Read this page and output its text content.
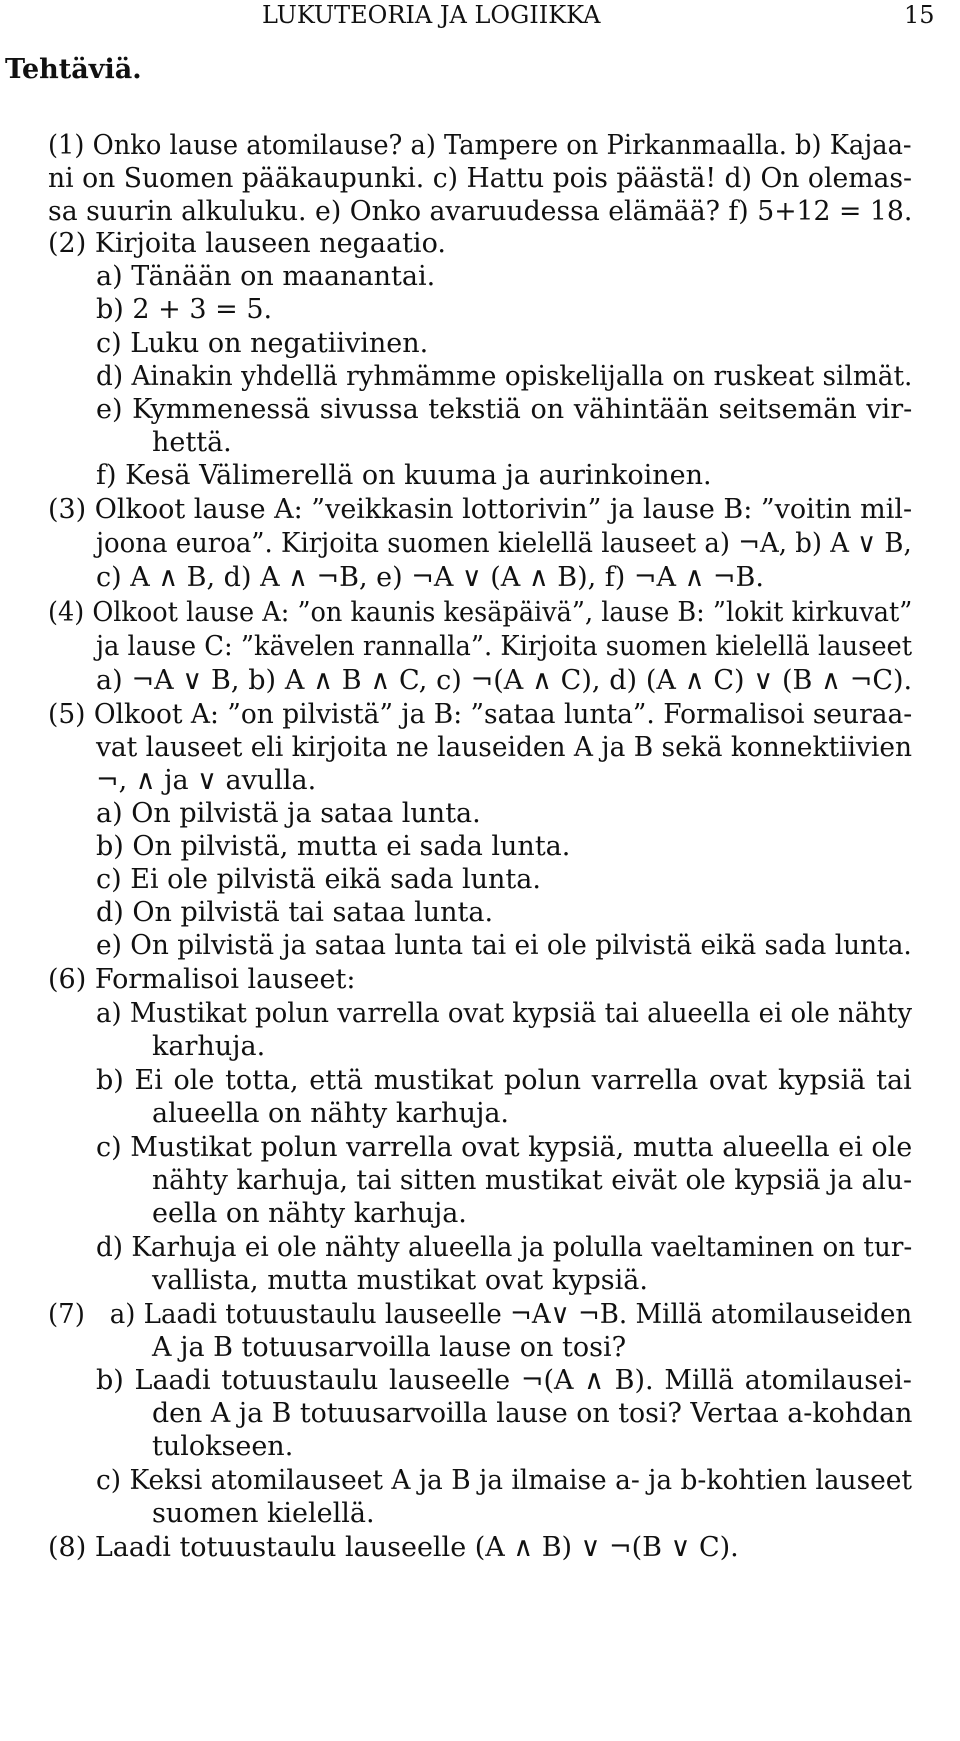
LUKUTEORIA JA LOGIIKKA	15
Tehtäviä.
(1) Onko lause atomilause? a) Tampere on Pirkanmaalla. b) Kajaa-
ni on Suomen pääkaupunki. c) Hattu pois päästä! d) On olemas-
sa suurin alkuluku. e) Onko avaruudessa elämää? f) 5+12 = 18.
(2) Kirjoita lauseen negaatio.
a) Tänään on maanantai.
b) 2 + 3 = 5.
c) Luku on negatiivinen.
d) Ainakin yhdellä ryhmämme opiskelijalla on ruskeat silmät.
e) Kymmenessä sivussa tekstiä on vähintään seitsemän vir-
hettä.
f) Kesä Välimerellä on kuuma ja aurinkoinen.
(3) Olkoot lause A: ”veikkasin lottorivin” ja lause B: ”voitin mil-
joona euroa”. Kirjoita suomen kielellä lauseet a) ¬A, b) A ∨ B,
c) A ∧ B, d) A ∧ ¬B, e) ¬A ∨ (A ∧ B), f) ¬A ∧ ¬B.
(4) Olkoot lause A: ”on kaunis kesäpäivä”, lause B: ”lokit kirkuvat”
ja lause C: ”kävelen rannalla”. Kirjoita suomen kielellä lauseet
a) ¬A ∨ B, b) A ∧ B ∧ C, c) ¬(A ∧ C), d) (A ∧ C) ∨ (B ∧ ¬C).
(5) Olkoot A: ”on pilvistä” ja B: ”sataa lunta”. Formalisoi seuraa-
vat lauseet eli kirjoita ne lauseiden A ja B sekä konnektiivien
¬, ∧ ja ∨ avulla.
a) On pilvistä ja sataa lunta.
b) On pilvistä, mutta ei sada lunta.
c) Ei ole pilvistä eikä sada lunta.
d) On pilvistä tai sataa lunta.
e) On pilvistä ja sataa lunta tai ei ole pilvistä eikä sada lunta.
(6) Formalisoi lauseet:
a) Mustikat polun varrella ovat kypsiä tai alueella ei ole nähty
karhuja.
b) Ei ole totta, että mustikat polun varrella ovat kypsiä tai
alueella on nähty karhuja.
c) Mustikat polun varrella ovat kypsiä, mutta alueella ei ole
nähty karhuja, tai sitten mustikat eivät ole kypsiä ja alu-
eella on nähty karhuja.
d) Karhuja ei ole nähty alueella ja polulla vaeltaminen on tur-
vallista, mutta mustikat ovat kypsiä.
(7)   a) Laadi totuustaulu lauseelle ¬A∨ ¬B. Millä atomilauseiden
A ja B totuusarvoilla lause on tosi?
b) Laadi totuustaulu lauseelle ¬(A ∧ B). Millä atomilausei-
den A ja B totuusarvoilla lause on tosi? Vertaa a-kohdan
tulokseen.
c) Keksi atomilauseet A ja B ja ilmaise a- ja b-kohtien lauseet
suomen kielellä.
(8) Laadi totuustaulu lauseelle (A ∧ B) ∨ ¬(B ∨ C).
